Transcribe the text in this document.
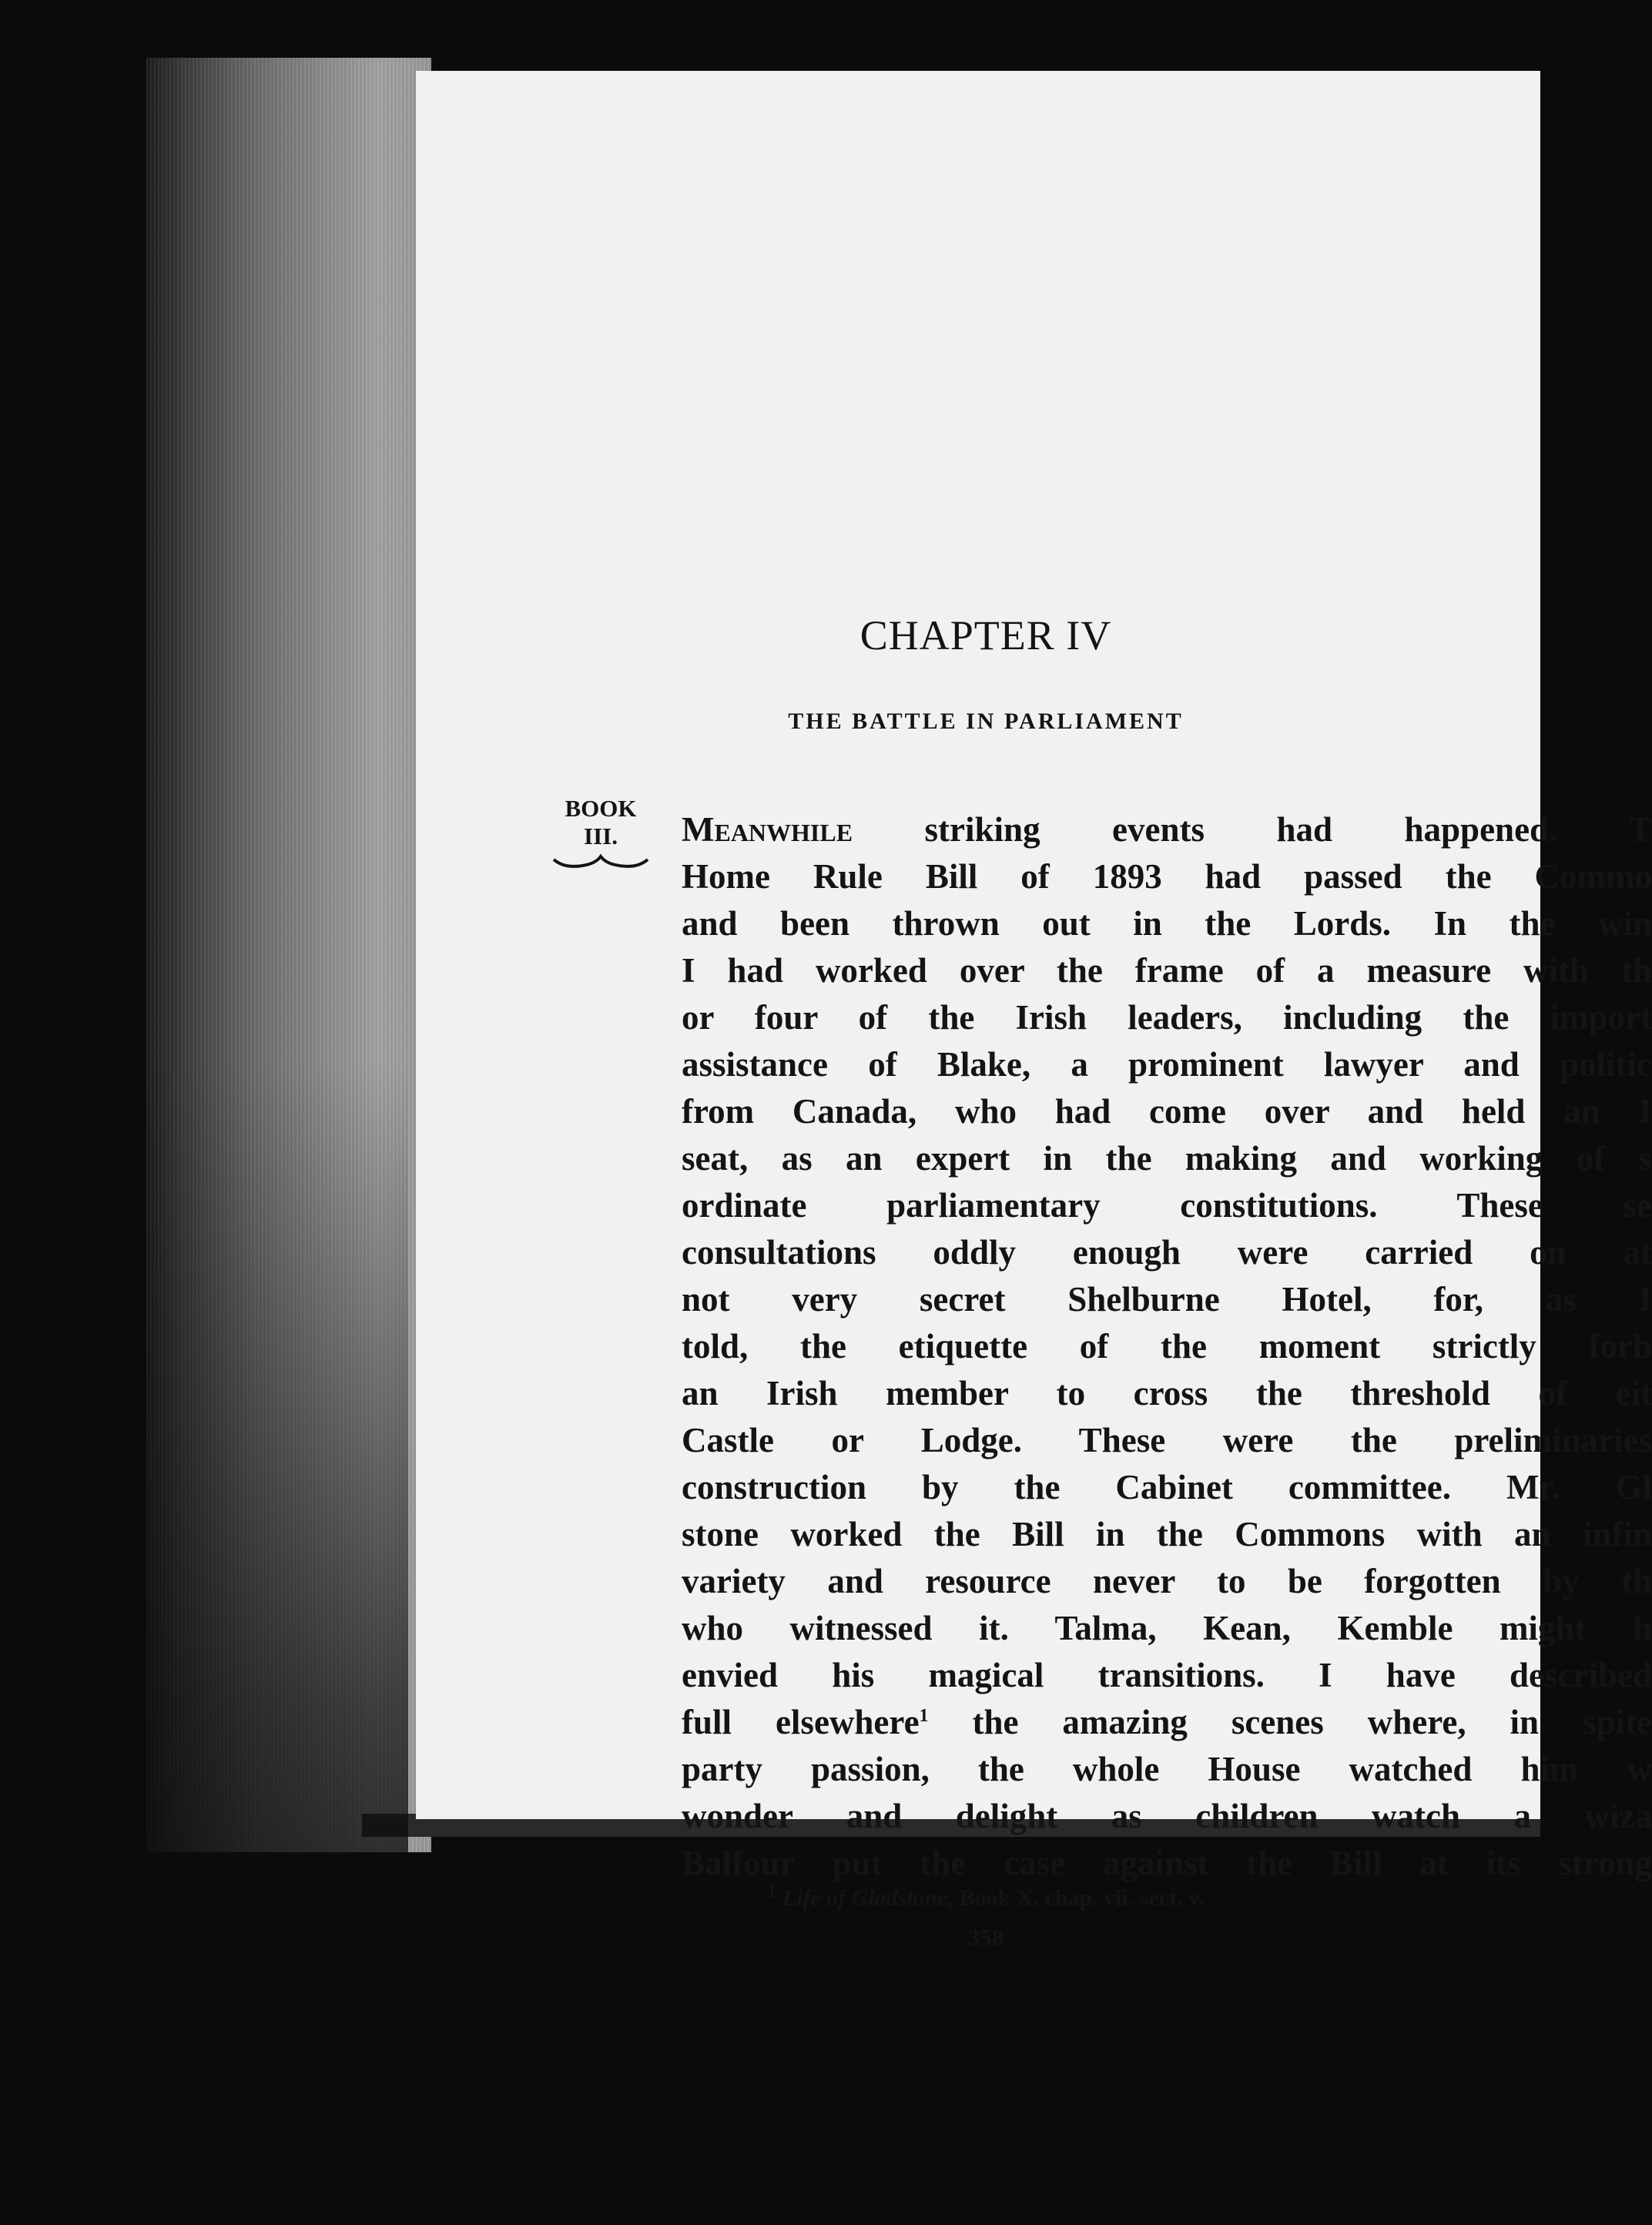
CHAPTER IV
THE BATTLE IN PARLIAMENT
BOOK
III.	Meanwhile striking events had happened. T
Home Rule Bill of 1893 had passed the Commo
and been thrown out in the Lords. In the win
I had worked over the frame of a measure with th
or four of the Irish leaders, including the import
assistance of Blake, a prominent lawyer and politic
from Canada, who had come over and held an I
seat, as an expert in the making and working of s
ordinate parliamentary constitutions. These se
consultations oddly enough were carried on at
not very secret Shelburne Hotel, for, as I
told, the etiquette of the moment strictly forb
an Irish member to cross the threshold of eit
Castle or Lodge. These were the preliminaries
construction by the Cabinet committee. Mr. Gl
stone worked the Bill in the Commons with an infin
variety and resource never to be forgotten by th
who witnessed it. Talma, Kean, Kemble might h
envied his magical transitions. I have described
full elsewhere$^1$ the amazing scenes where, in spite
party passion, the whole House watched him w
wonder and delight as children watch a wiza
Balfour put the case against the Bill at its strong
$^1$ Life of Gladstone, Book X. chap. vii. sect. v.
358
